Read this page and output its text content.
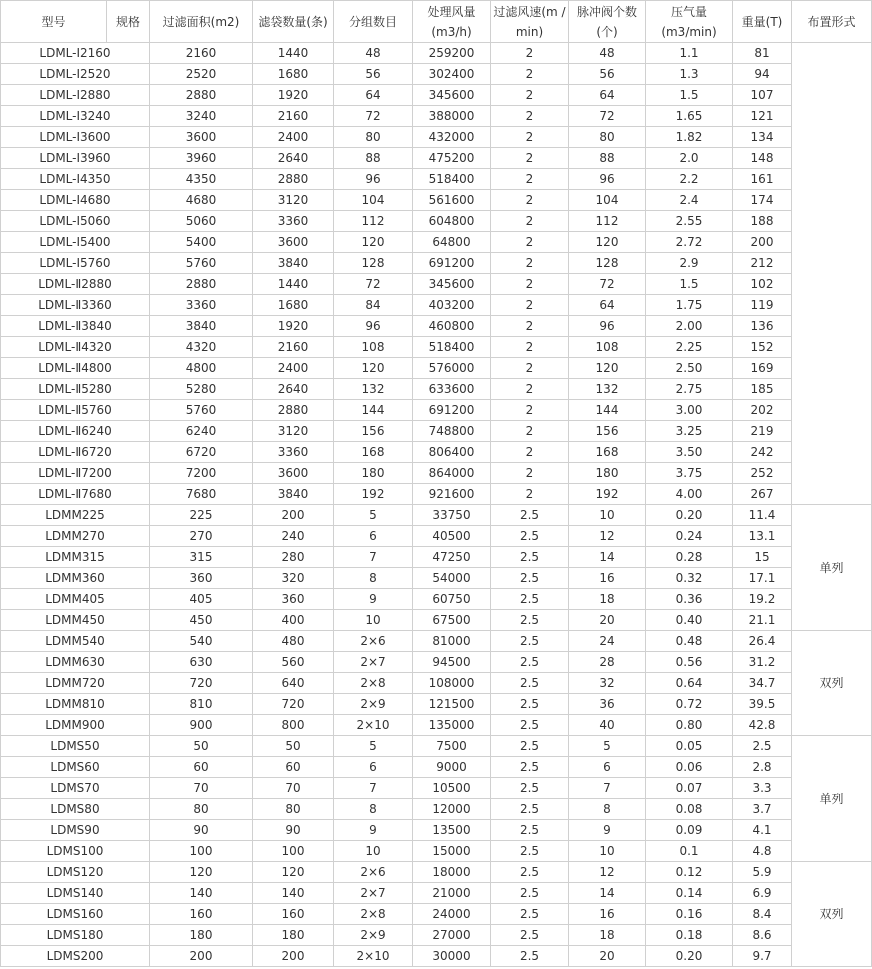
型号	规格	过滤面积(m2)	滤袋数量(条)	分组数目	处理风量(m3/h)	过滤风速(m / min)	脉冲阀个数(个)	压气量(m3/min)	重量(T)	布置形式
LDML-Ⅰ2160		2160	1440	48	259200	2	48	1.1	81	
LDML-Ⅰ2520		2520	1680	56	302400	2	56	1.3	94	
LDML-Ⅰ2880		2880	1920	64	345600	2	64	1.5	107	
LDML-Ⅰ3240		3240	2160	72	388000	2	72	1.65	121	
LDML-Ⅰ3600		3600	2400	80	432000	2	80	1.82	134	
LDML-Ⅰ3960		3960	2640	88	475200	2	88	2.0	148	
LDML-Ⅰ4350		4350	2880	96	518400	2	96	2.2	161	
LDML-Ⅰ4680		4680	3120	104	561600	2	104	2.4	174	
LDML-Ⅰ5060		5060	3360	112	604800	2	112	2.55	188	
LDML-Ⅰ5400		5400	3600	120	64800	2	120	2.72	200	
LDML-Ⅰ5760		5760	3840	128	691200	2	128	2.9	212	
LDML-Ⅱ2880		2880	1440	72	345600	2	72	1.5	102	
LDML-Ⅱ3360		3360	1680	84	403200	2	64	1.75	119	
LDML-Ⅱ3840		3840	1920	96	460800	2	96	2.00	136	
LDML-Ⅱ4320		4320	2160	108	518400	2	108	2.25	152	
LDML-Ⅱ4800		4800	2400	120	576000	2	120	2.50	169	
LDML-Ⅱ5280		5280	2640	132	633600	2	132	2.75	185	
LDML-Ⅱ5760		5760	2880	144	691200	2	144	3.00	202	
LDML-Ⅱ6240		6240	3120	156	748800	2	156	3.25	219	
LDML-Ⅱ6720		6720	3360	168	806400	2	168	3.50	242	
LDML-Ⅱ7200		7200	3600	180	864000	2	180	3.75	252	
LDML-Ⅱ7680		7680	3840	192	921600	2	192	4.00	267	
LDMM225		225	200	5	33750	2.5	10	0.20	11.4	单列
LDMM270		270	240	6	40500	2.5	12	0.24	13.1	
LDMM315		315	280	7	47250	2.5	14	0.28	15	
LDMM360		360	320	8	54000	2.5	16	0.32	17.1	
LDMM405		405	360	9	60750	2.5	18	0.36	19.2	
LDMM450		450	400	10	67500	2.5	20	0.40	21.1	
LDMM540		540	480	2×6	81000	2.5	24	0.48	26.4	双列
LDMM630		630	560	2×7	94500	2.5	28	0.56	31.2	
LDMM720		720	640	2×8	108000	2.5	32	0.64	34.7	
LDMM810		810	720	2×9	121500	2.5	36	0.72	39.5	
LDMM900		900	800	2×10	135000	2.5	40	0.80	42.8	
LDMS50		50	50	5	7500	2.5	5	0.05	2.5	单列
LDMS60		60	60	6	9000	2.5	6	0.06	2.8	
LDMS70		70	70	7	10500	2.5	7	0.07	3.3	
LDMS80		80	80	8	12000	2.5	8	0.08	3.7	
LDMS90		90	90	9	13500	2.5	9	0.09	4.1	
LDMS100		100	100	10	15000	2.5	10	0.1	4.8	
LDMS120		120	120	2×6	18000	2.5	12	0.12	5.9	双列
LDMS140		140	140	2×7	21000	2.5	14	0.14	6.9	
LDMS160		160	160	2×8	24000	2.5	16	0.16	8.4	
LDMS180		180	180	2×9	27000	2.5	18	0.18	8.6	
LDMS200		200	200	2×10	30000	2.5	20	0.20	9.7	
